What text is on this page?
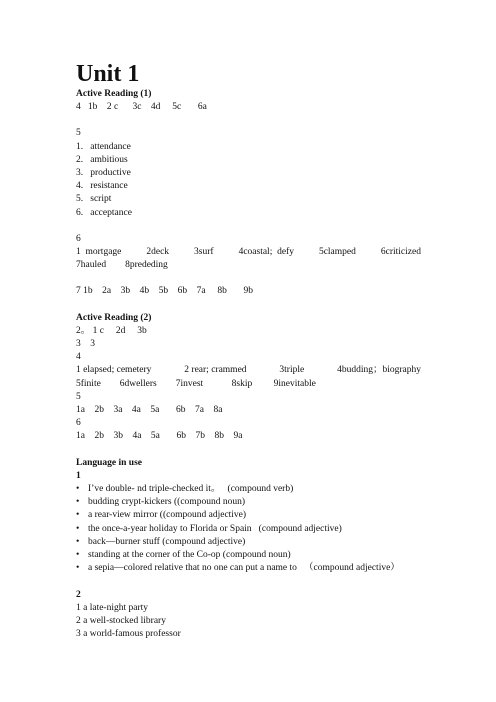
Unit 1
Active Reading (1)
4   1b    2 c      3c    4d     5c       6a
5
1.   attendance
2.   ambitious
3.   productive
4.   resistance
5.   script
6.   acceptance
6
1  mortgage	2deck	3surf	4coastal;  defy	5clamped	6criticized
7hauled        8prededing
7 1b    2a    3b    4b    5b    6b    7a     8b       9b
Active Reading (2)
2。 1 c     2d     3b
3    3
4
1 elapsed; cemetery	2 rear; crammed	3triple	4budding；biography
5finite        6dwellers        7invest            8skip         9inevitable
5
1a    2b    3a    4a    5a       6b    7a    8a
6
1a    2b    3b    4a    5a       6b    7b    8b    9a
Language in use
1
• I’ve double- nd triple-checked it。   (compound verb)
• budding crypt-kickers ((compound noun)
• a rear-view mirror ((compound adjective)
• the once-a-year holiday to Florida or Spain   (compound adjective)
• back—burner stuff (compound adjective)
• standing at the corner of the Co-op (compound noun)
• a sepia—colored relative that no one can put a name to   （compound adjective）
2
1 a late-night party
2 a well-stocked library
3 a world-famous professor
